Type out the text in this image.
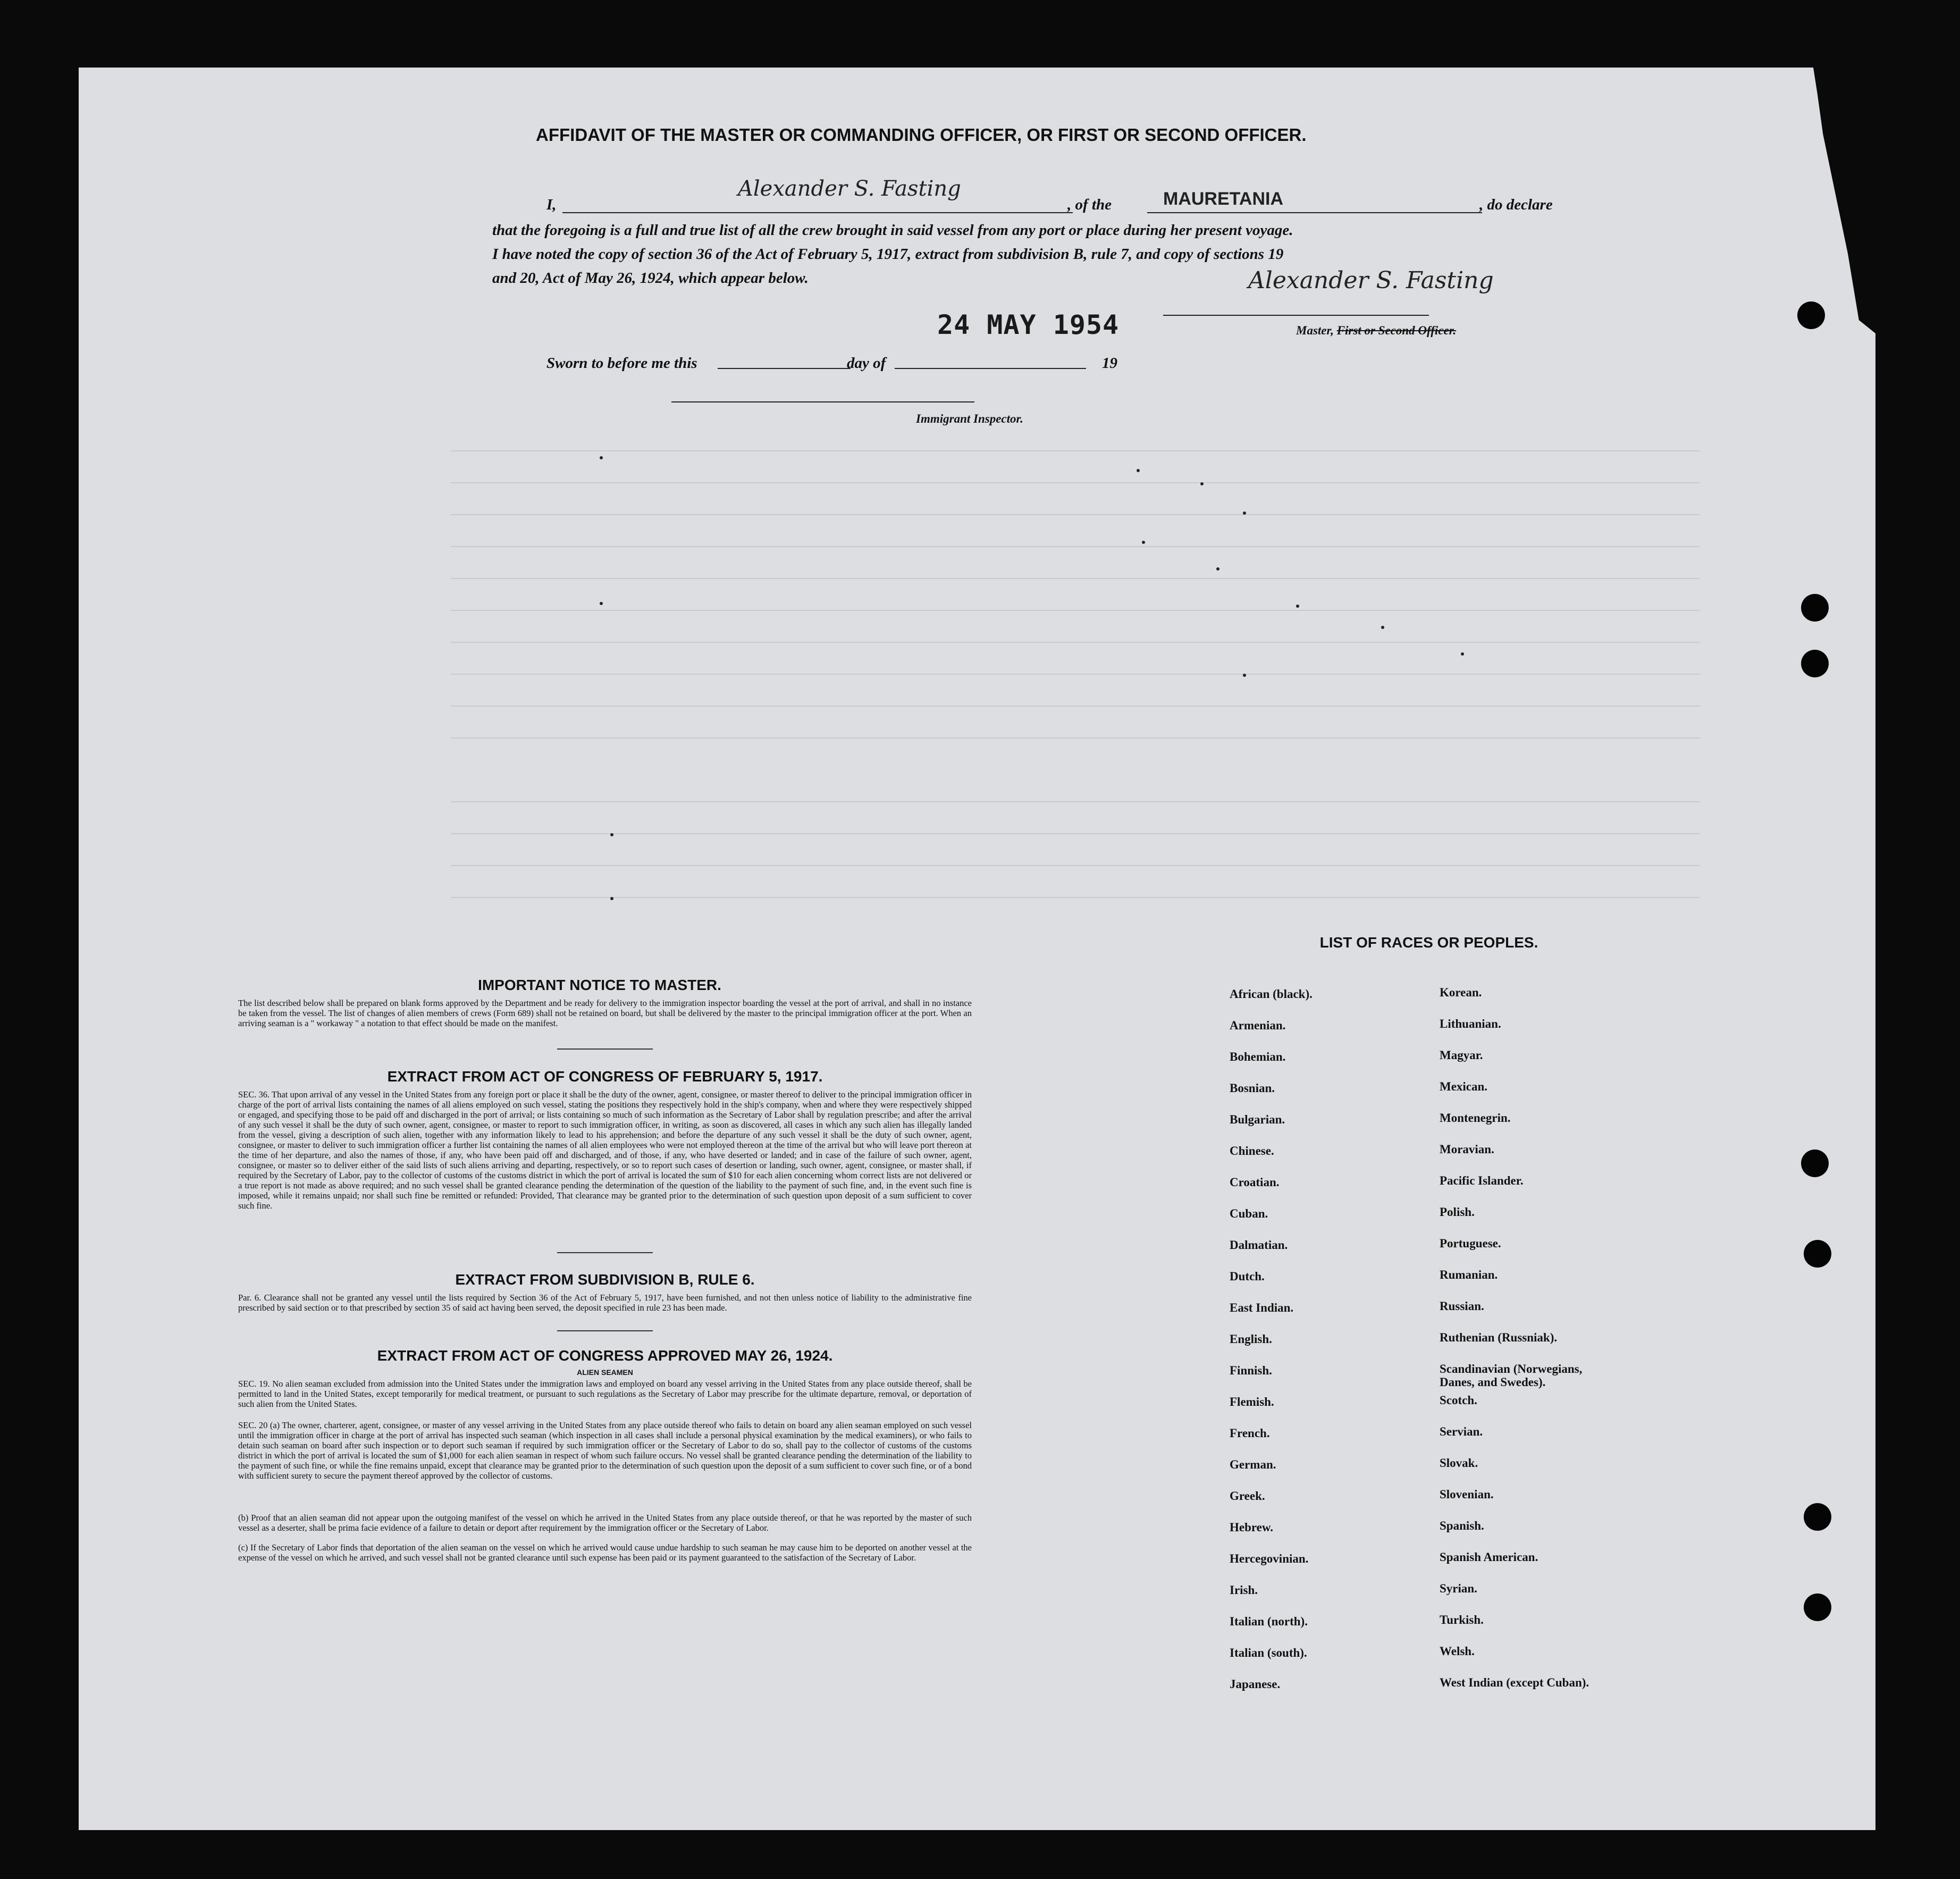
AFFIDAVIT OF THE MASTER OR COMMANDING OFFICER, OR FIRST OR SECOND OFFICER.
I,
Alexander S. Fasting
, of the	MAURETANIA	, do declare
that the foregoing is a full and true list of all the crew brought in said vessel from any port or place during her present voyage.
I have noted the copy of section 36 of the Act of February 5, 1917, extract from subdivision B, rule 7, and copy of sections 19
and 20, Act of May 26, 1924, which appear below.	Alexander S. Fasting
Master, First or Second Officer.
24 MAY 1954
Sworn to before me this	day of	19
Immigrant Inspector.
IMPORTANT NOTICE TO MASTER.
The list described below shall be prepared on blank forms approved by the Department and be ready for delivery to the immigration inspector boarding the vessel at the port of arrival, and shall in no instance be taken from the vessel. The list of changes of alien members of crews (Form 689) shall not be retained on board, but shall be delivered by the master to the principal immigration officer at the port. When an arriving seaman is a " workaway " a notation to that effect should be made on the manifest.
EXTRACT FROM ACT OF CONGRESS OF FEBRUARY 5, 1917.
SEC. 36. That upon arrival of any vessel in the United States from any foreign port or place it shall be the duty of the owner, agent, consignee, or master thereof to deliver to the principal immigration officer in charge of the port of arrival lists containing the names of all aliens employed on such vessel, stating the positions they respectively hold in the ship's company, when and where they were respectively shipped or engaged, and specifying those to be paid off and discharged in the port of arrival; or lists containing so much of such information as the Secretary of Labor shall by regulation prescribe; and after the arrival of any such vessel it shall be the duty of such owner, agent, consignee, or master to report to such immigration officer, in writing, as soon as discovered, all cases in which any such alien has illegally landed from the vessel, giving a description of such alien, together with any information likely to lead to his apprehension; and before the departure of any such vessel it shall be the duty of such owner, agent, consignee, or master to deliver to such immigration officer a further list containing the names of all alien employees who were not employed thereon at the time of the arrival but who will leave port thereon at the time of her departure, and also the names of those, if any, who have been paid off and discharged, and of those, if any, who have deserted or landed; and in case of the failure of such owner, agent, consignee, or master so to deliver either of the said lists of such aliens arriving and departing, respectively, or so to report such cases of desertion or landing, such owner, agent, consignee, or master shall, if required by the Secretary of Labor, pay to the collector of customs of the customs district in which the port of arrival is located the sum of $10 for each alien concerning whom correct lists are not delivered or a true report is not made as above required; and no such vessel shall be granted clearance pending the determination of the question of the liability to the payment of such fine, and, in the event such fine is imposed, while it remains unpaid; nor shall such fine be remitted or refunded: Provided, That clearance may be granted prior to the determination of such question upon deposit of a sum sufficient to cover such fine.
EXTRACT FROM SUBDIVISION B, RULE 6.
Par. 6. Clearance shall not be granted any vessel until the lists required by Section 36 of the Act of February 5, 1917, have been furnished, and not then unless notice of liability to the administrative fine prescribed by said section or to that prescribed by section 35 of said act having been served, the deposit specified in rule 23 has been made.
EXTRACT FROM ACT OF CONGRESS APPROVED MAY 26, 1924.
ALIEN SEAMEN
SEC. 19. No alien seaman excluded from admission into the United States under the immigration laws and employed on board any vessel arriving in the United States from any place outside thereof, shall be permitted to land in the United States, except temporarily for medical treatment, or pursuant to such regulations as the Secretary of Labor may prescribe for the ultimate departure, removal, or deportation of such alien from the United States.
SEC. 20 (a) The owner, charterer, agent, consignee, or master of any vessel arriving in the United States from any place outside thereof who fails to detain on board any alien seaman employed on such vessel until the immigration officer in charge at the port of arrival has inspected such seaman (which inspection in all cases shall include a personal physical examination by the medical examiners), or who fails to detain such seaman on board after such inspection or to deport such seaman if required by such immigration officer or the Secretary of Labor to do so, shall pay to the collector of customs of the customs district in which the port of arrival is located the sum of $1,000 for each alien seaman in respect of whom such failure occurs. No vessel shall be granted clearance pending the determination of the liability to the payment of such fine, or while the fine remains unpaid, except that clearance may be granted prior to the determination of such question upon the deposit of a sum sufficient to cover such fine, or of a bond with sufficient surety to secure the payment thereof approved by the collector of customs.
(b) Proof that an alien seaman did not appear upon the outgoing manifest of the vessel on which he arrived in the United States from any place outside thereof, or that he was reported by the master of such vessel as a deserter, shall be prima facie evidence of a failure to detain or deport after requirement by the immigration officer or the Secretary of Labor.
(c) If the Secretary of Labor finds that deportation of the alien seaman on the vessel on which he arrived would cause undue hardship to such seaman he may cause him to be deported on another vessel at the expense of the vessel on which he arrived, and such vessel shall not be granted clearance until such expense has been paid or its payment guaranteed to the satisfaction of the Secretary of Labor.
LIST OF RACES OR PEOPLES.
African (black).
Armenian.
Bohemian.
Bosnian.
Bulgarian.
Chinese.
Croatian.
Cuban.
Dalmatian.
Dutch.
East Indian.
English.
Finnish.
Flemish.
French.
German.
Greek.
Hebrew.
Hercegovinian.
Irish.
Italian (north).
Italian (south).
Japanese.
Korean.
Lithuanian.
Magyar.
Mexican.
Montenegrin.
Moravian.
Pacific Islander.
Polish.
Portuguese.
Rumanian.
Russian.
Ruthenian (Russniak).
Scandinavian (Norwegians, Danes, and Swedes).
Scotch.
Servian.
Slovak.
Slovenian.
Spanish.
Spanish American.
Syrian.
Turkish.
Welsh.
West Indian (except Cuban).
